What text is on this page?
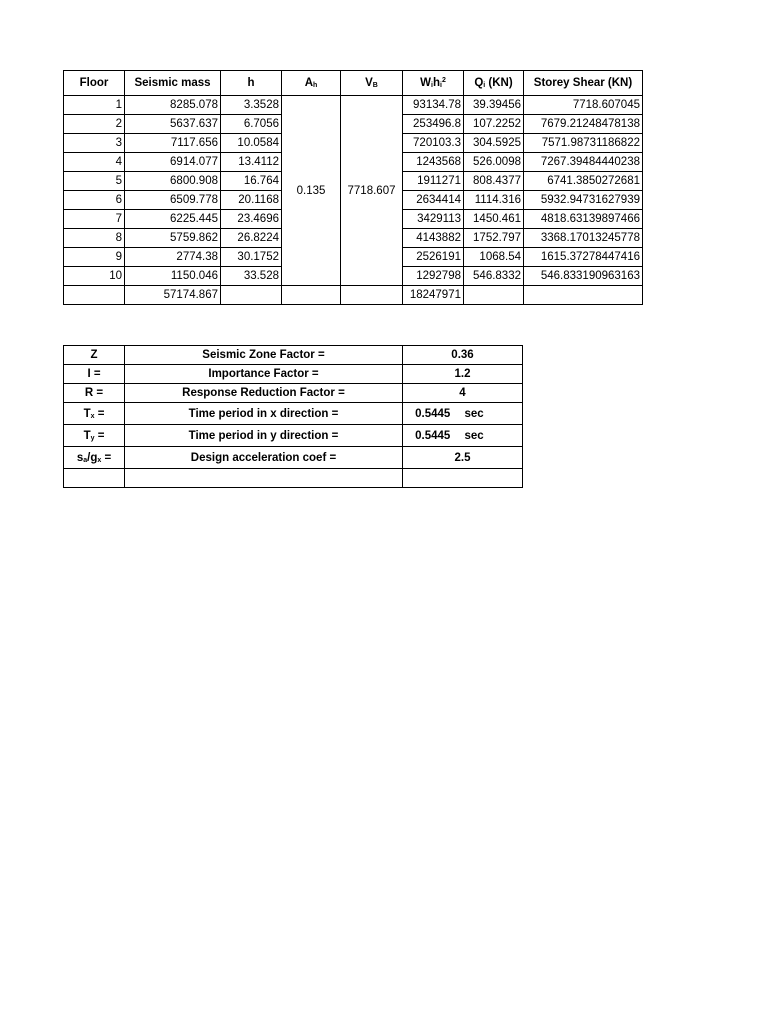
Floor	Seismic mass	h	$A_h$	$V_B$	$W_ih_i^2$	$Q_i$ (KN)	Storey Shear (KN)
1	8285.078	3.3528	0.135	7718.607	93134.78	39.39456	7718.607045
2	5637.637	6.7056			253496.8	107.2252	7679.21248478138
3	7117.656	10.0584			720103.3	304.5925	7571.98731186822
4	6914.077	13.4112			1243568	526.0098	7267.39484440238
5	6800.908	16.764			1911271	808.4377	6741.3850272681
6	6509.778	20.1168			2634414	1114.316	5932.94731627939
7	6225.445	23.4696			3429113	1450.461	4818.63139897466
8	5759.862	26.8224			4143882	1752.797	3368.17013245778
9	2774.38	30.1752			2526191	1068.54	1615.37278447416
10	1150.046	33.528			1292798	546.8332	546.833190963163
	57174.867				18247971		
Z	Seismic Zone Factor =	0.36	
I =	Importance Factor =	1.2	
R =	Response Reduction Factor =	4	
$T_x$ =	Time period in x direction =	0.5445	sec
$T_y$ =	Time period in y direction =	0.5445	sec
$s_a/g_x$ =	Design acceleration coef =	2.5	
